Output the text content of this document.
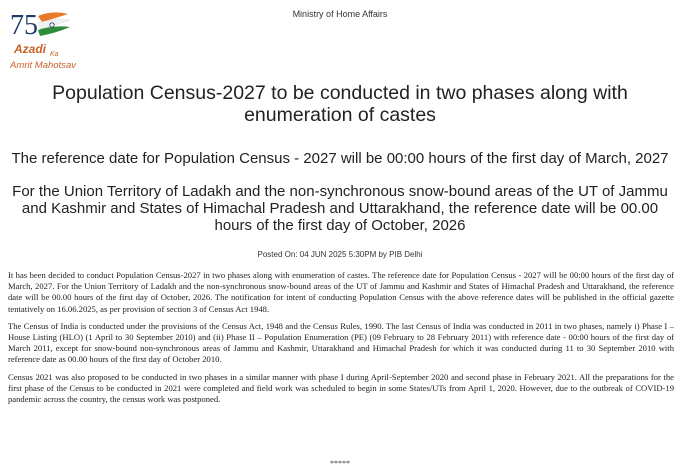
75
Azadi Ka
Amrit Mahotsav
Ministry of Home Affairs
Population Census-2027 to be conducted in two phases along with enumeration of castes
The reference date for Population Census - 2027 will be 00:00 hours of the first day of March, 2027
For the Union Territory of Ladakh and the non-synchronous snow-bound areas of the UT of Jammu and Kashmir and States of Himachal Pradesh and Uttarakhand, the reference date will be 00.00 hours of the first day of October, 2026
Posted On: 04 JUN 2025 5:30PM by PIB Delhi

It has been decided to conduct Population Census-2027 in two phases along with enumeration of castes. The reference date for Population Census - 2027 will be 00:00 hours of the first day of March, 2027. For the Union Territory of Ladakh and the non-synchronous snow-bound areas of the UT of Jammu and Kashmir and States of Himachal Pradesh and Uttarakhand, the reference date will be 00.00 hours of the first day of October, 2026. The notification for intent of conducting Population Census with the above reference dates will be published in the official gazette tentatively on 16.06.2025, as per provision of section 3 of Census Act 1948.

The Census of India is conducted under the provisions of the Census Act, 1948 and the Census Rules, 1990. The last Census of India was conducted in 2011 in two phases, namely i) Phase I – House Listing (HLO) (1 April to 30 September 2010) and (ii) Phase II – Population Enumeration (PE) (09 February to 28 February 2011) with reference date - 00:00 hours of the first day of March 2011, except for snow-bound non-synchronous areas of Jammu and Kashmir, Uttarakhand and Himachal Pradesh for which it was conducted during 11 to 30 September 2010 with reference date as 00.00 hours of the first day of October 2010.

Census 2021 was also proposed to be conducted in two phases in a similar manner with phase I during April-September 2020 and second phase in February 2021. All the preparations for the first phase of the Census to be conducted in 2021 were completed and field work was scheduled to begin in some States/UTs from April 1, 2020. However, due to the outbreak of COVID-19 pandemic across the country, the census work was postponed.

*****
